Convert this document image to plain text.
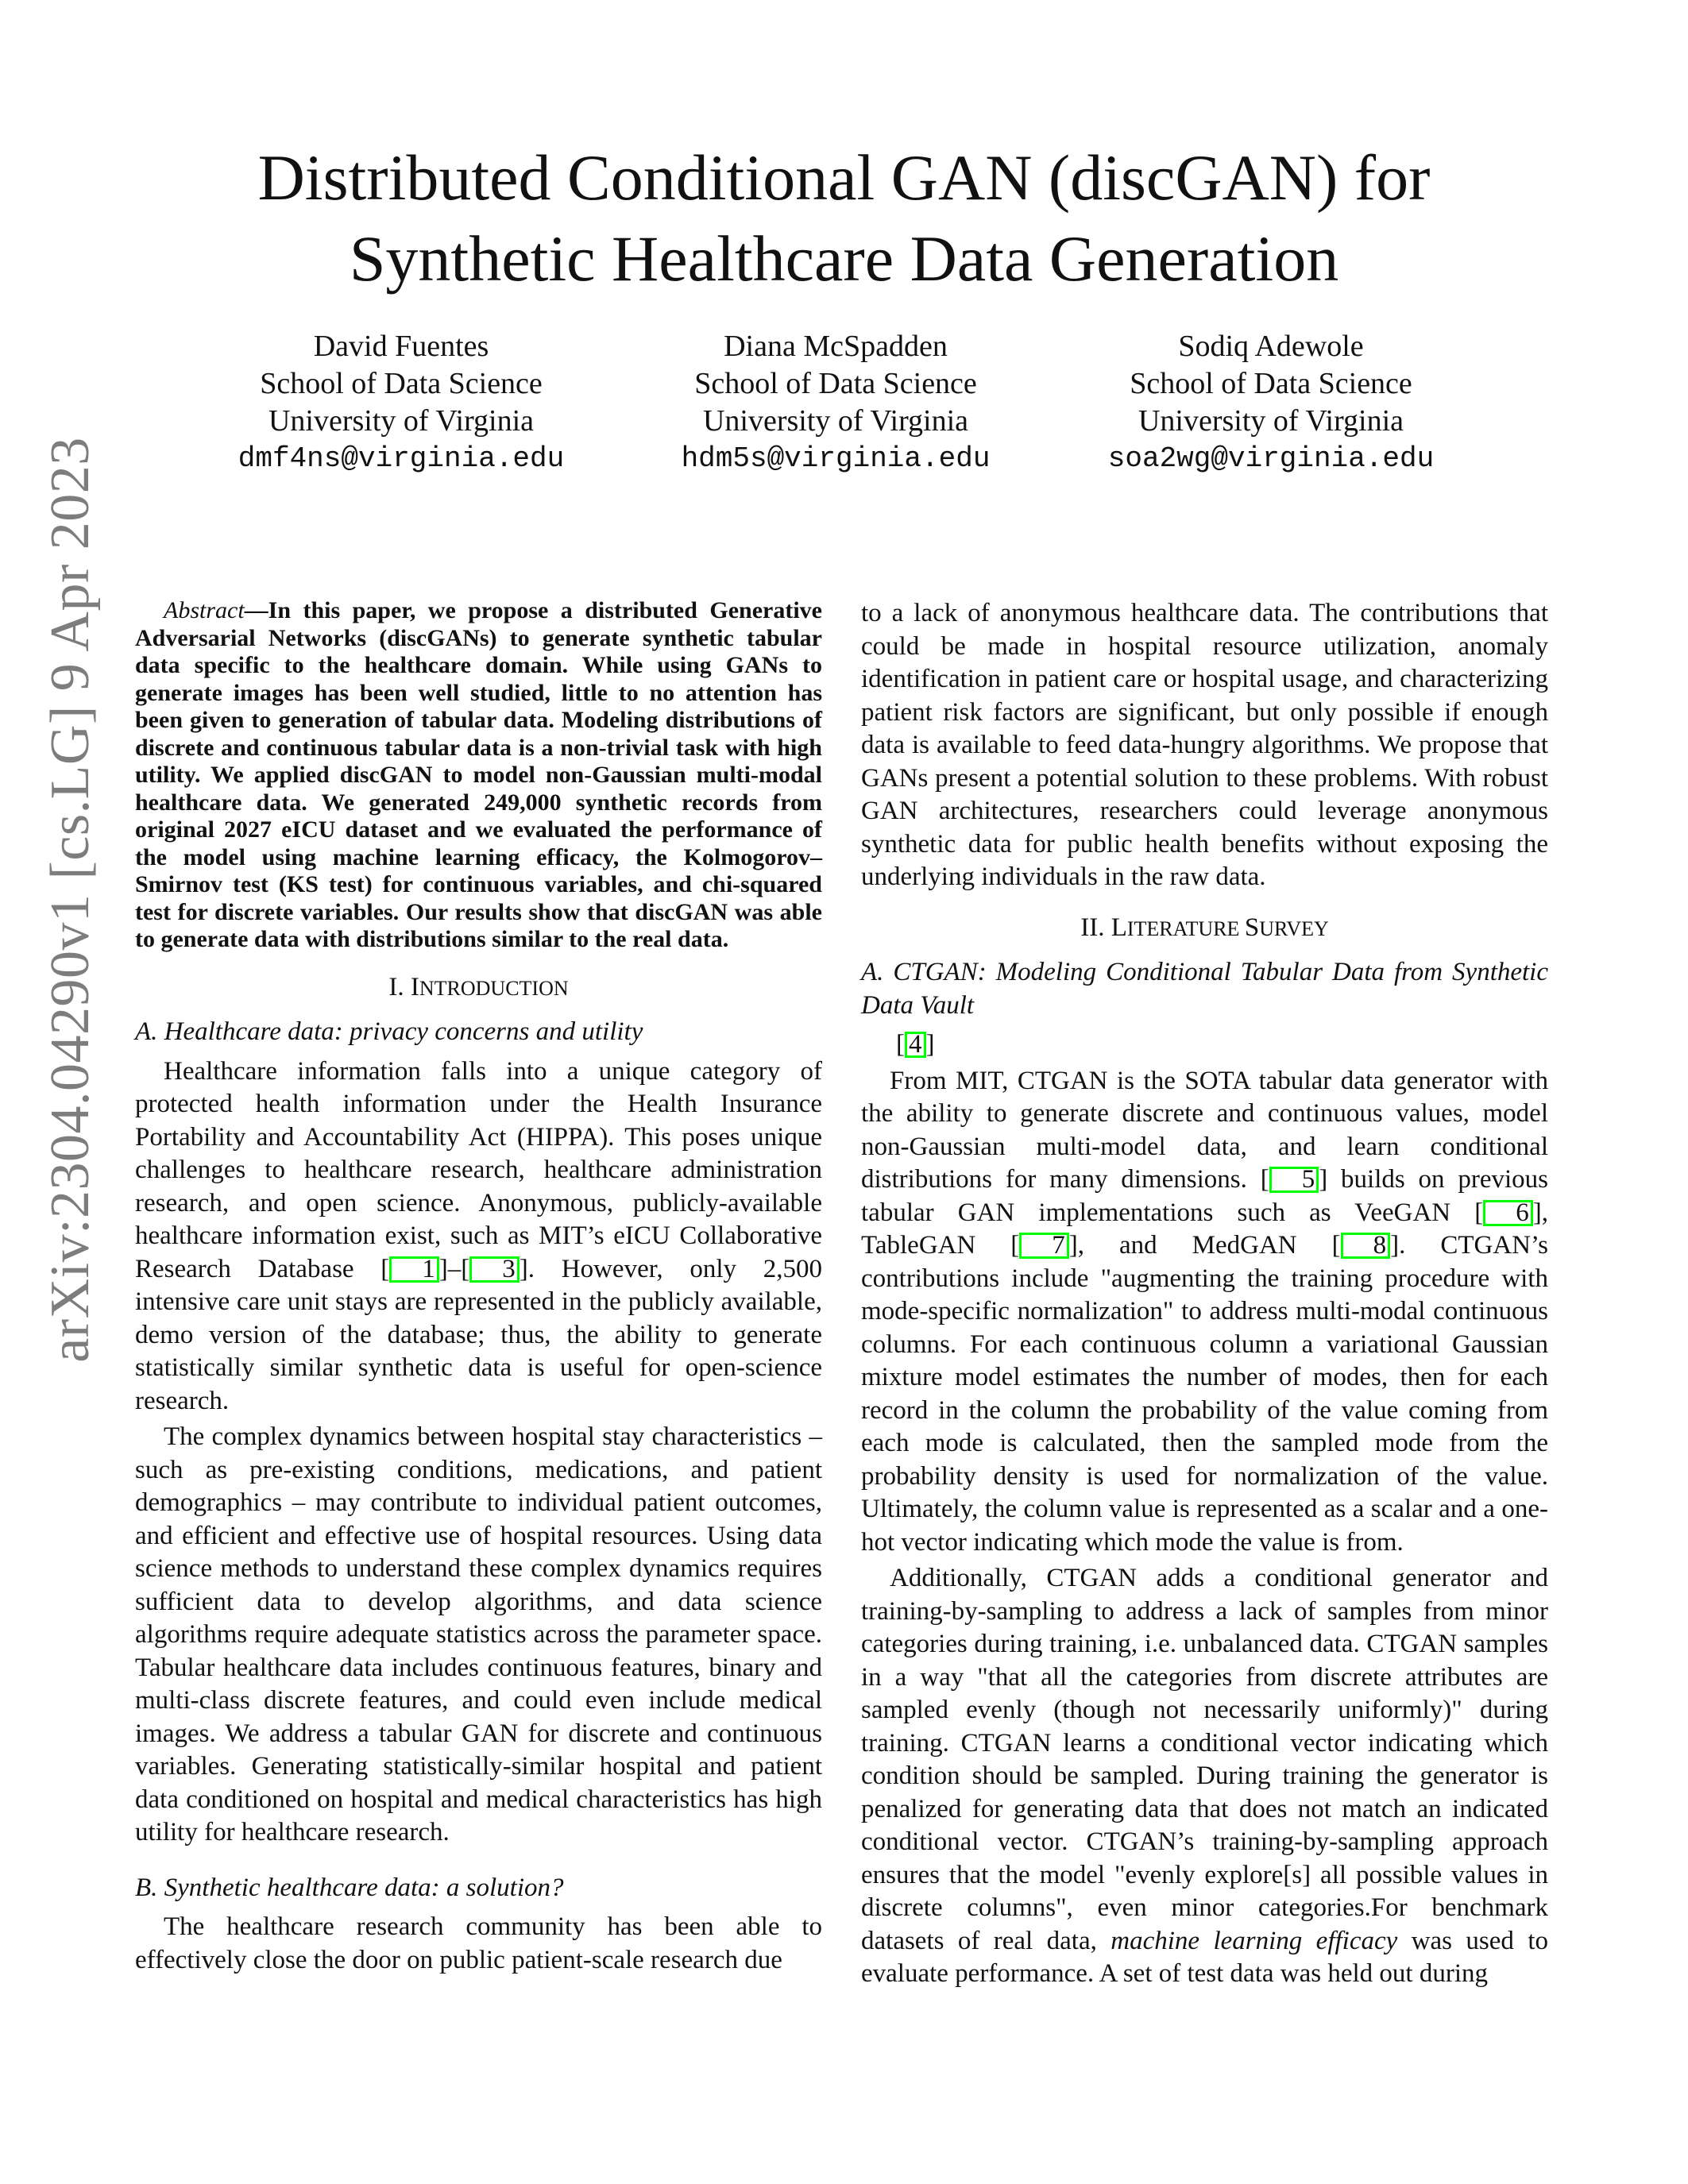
Distributed Conditional GAN (discGAN) for
Synthetic Healthcare Data Generation
David Fuentes
School of Data Science
University of Virginia
dmf4ns@virginia.edu
Diana McSpadden
School of Data Science
University of Virginia
hdm5s@virginia.edu
Sodiq Adewole
School of Data Science
University of Virginia
soa2wg@virginia.edu
arXiv:2304.04290v1 [cs.LG] 9 Apr 2023	Abstract—In this paper, we propose a distributed Generative Adversarial Networks (discGANs) to generate synthetic tabular data specific to the healthcare domain. While using GANs to generate images has been well studied, little to no attention has been given to generation of tabular data. Modeling distributions of discrete and continuous tabular data is a non-trivial task with high utility. We applied discGAN to model non-Gaussian multi-modal healthcare data. We generated 249,000 synthetic records from original 2027 eICU dataset and we evaluated the performance of the model using machine learning efficacy, the Kolmogorov–Smirnov test (KS test) for continuous variables, and chi-squared test for discrete variables. Our results show that discGAN was able to generate data with distributions similar to the real data.

I. INTRODUCTION
A. Healthcare data: privacy concerns and utility

Healthcare information falls into a unique category of protected health information under the Health Insurance Portability and Accountability Act (HIPPA). This poses unique challenges to healthcare research, healthcare administration research, and open science. Anonymous, publicly-available healthcare information exist, such as MIT’s eICU Collaborative Research Database [ 1 ]–[ 3 ]. However, only 2,500 intensive care unit stays are represented in the publicly available, demo version of the database; thus, the ability to generate statistically similar synthetic data is useful for open-science research.

The complex dynamics between hospital stay characteristics – such as pre-existing conditions, medications, and patient demographics – may contribute to individual patient outcomes, and efficient and effective use of hospital resources. Using data science methods to understand these complex dynamics requires sufficient data to develop algorithms, and data science algorithms require adequate statistics across the parameter space. Tabular healthcare data includes continuous features, binary and multi-class discrete features, and could even include medical images. We address a tabular GAN for discrete and continuous variables. Generating statistically-similar hospital and patient data conditioned on hospital and medical characteristics has high utility for healthcare research.

B. Synthetic healthcare data: a solution?

The healthcare research community has been able to effectively close the door on public patient-scale research due

to a lack of anonymous healthcare data. The contributions that could be made in hospital resource utilization, anomaly identification in patient care or hospital usage, and characterizing patient risk factors are significant, but only possible if enough data is available to feed data-hungry algorithms. We propose that GANs present a potential solution to these problems. With robust GAN architectures, researchers could leverage anonymous synthetic data for public health benefits without exposing the underlying individuals in the raw data.

II. LITERATURE SURVEY
A. CTGAN: Modeling Conditional Tabular Data from Synthetic Data Vault
[ 4 ]

From MIT, CTGAN is the SOTA tabular data generator with the ability to generate discrete and continuous values, model non-Gaussian multi-model data, and learn conditional distributions for many dimensions. [ 5 ] builds on previous tabular GAN implementations such as VeeGAN [ 6 ], TableGAN [ 7 ], and MedGAN [ 8 ]. CTGAN’s contributions include "augmenting the training procedure with mode-specific normalization" to address multi-modal continuous columns. For each continuous column a variational Gaussian mixture model estimates the number of modes, then for each record in the column the probability of the value coming from each mode is calculated, then the sampled mode from the probability density is used for normalization of the value. Ultimately, the column value is represented as a scalar and a one-hot vector indicating which mode the value is from.

Additionally, CTGAN adds a conditional generator and training-by-sampling to address a lack of samples from minor categories during training, i.e. unbalanced data. CTGAN samples in a way "that all the categories from discrete attributes are sampled evenly (though not necessarily uniformly)" during training. CTGAN learns a conditional vector indicating which condition should be sampled. During training the generator is penalized for generating data that does not match an indicated conditional vector. CTGAN’s training-by-sampling approach ensures that the model "evenly explore[s] all possible values in discrete columns", even minor categories.For benchmark datasets of real data, machine learning efficacy was used to evaluate performance. A set of test data was held out during
